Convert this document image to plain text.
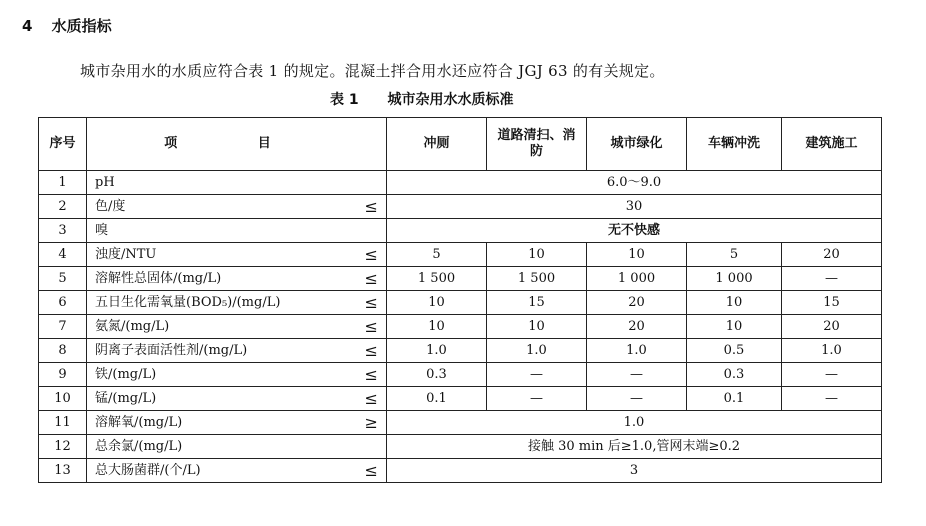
4 水质指标
城市杂用水的水质应符合表 1 的规定。混凝土拌合用水还应符合 JGJ 63 的有关规定。
表 1 城市杂用水水质标准
序号	项 目		冲厕	道路清扫、消防	城市绿化	车辆冲洗	建筑施工
1	pH		6.0～9.0				
2	色/度	≤	30				
3	嗅		无不快感				
4	浊度/NTU	≤	5	10	10	5	20
5	溶解性总固体/(mg/L)	≤	1 500	1 500	1 000	1 000	—
6	五日生化需氧量(BOD₅)/(mg/L)	≤	10	15	20	10	15
7	氨氮/(mg/L)	≤	10	10	20	10	20
8	阴离子表面活性剂/(mg/L)	≤	1.0	1.0	1.0	0.5	1.0
9	铁/(mg/L)	≤	0.3	—	—	0.3	—
10	锰/(mg/L)	≤	0.1	—	—	0.1	—
11	溶解氧/(mg/L)	≥	1.0				
12	总余氯/(mg/L)		接触 30 min 后≥1.0,管网末端≥0.2				
13	总大肠菌群/(个/L)	≤	3				
